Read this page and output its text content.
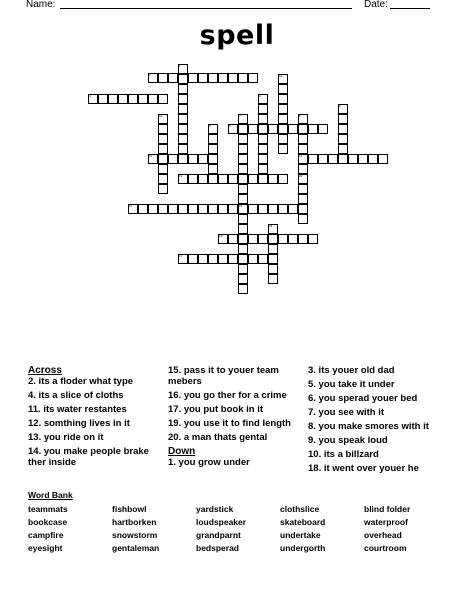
Name:	Date:
spell
1
2
3
4
5	6
7	8
9
10
11	12
13
14	15
16
17
18
19
20
Across
2. its a floder what type
4. its a slice of cloths
11. its water restantes
12. somthing lives in it
13. you ride on it
14. you make people brake ther inside
15. pass it to youer team mebers
16. you go ther for a crime
17. you put book in it
19. you use it to find length
20. a man thats gental
Down
1. you grow under
3. its youer old dad
5. you take it under
6. you sperad youer bed
7. you see with it
8. you make smores with it
9. you speak loud
10. its a billzard
18. it went over youer he
Word Bank
teammats	fishbowl	yardstick	clothslice	blind folder
bookcase	hartborken	loudspeaker	skateboard	waterproof
campfire	snowstorm	grandparnt	undertake	overhead
eyesight	gentaleman	bedsperad	undergorth	courtroom
